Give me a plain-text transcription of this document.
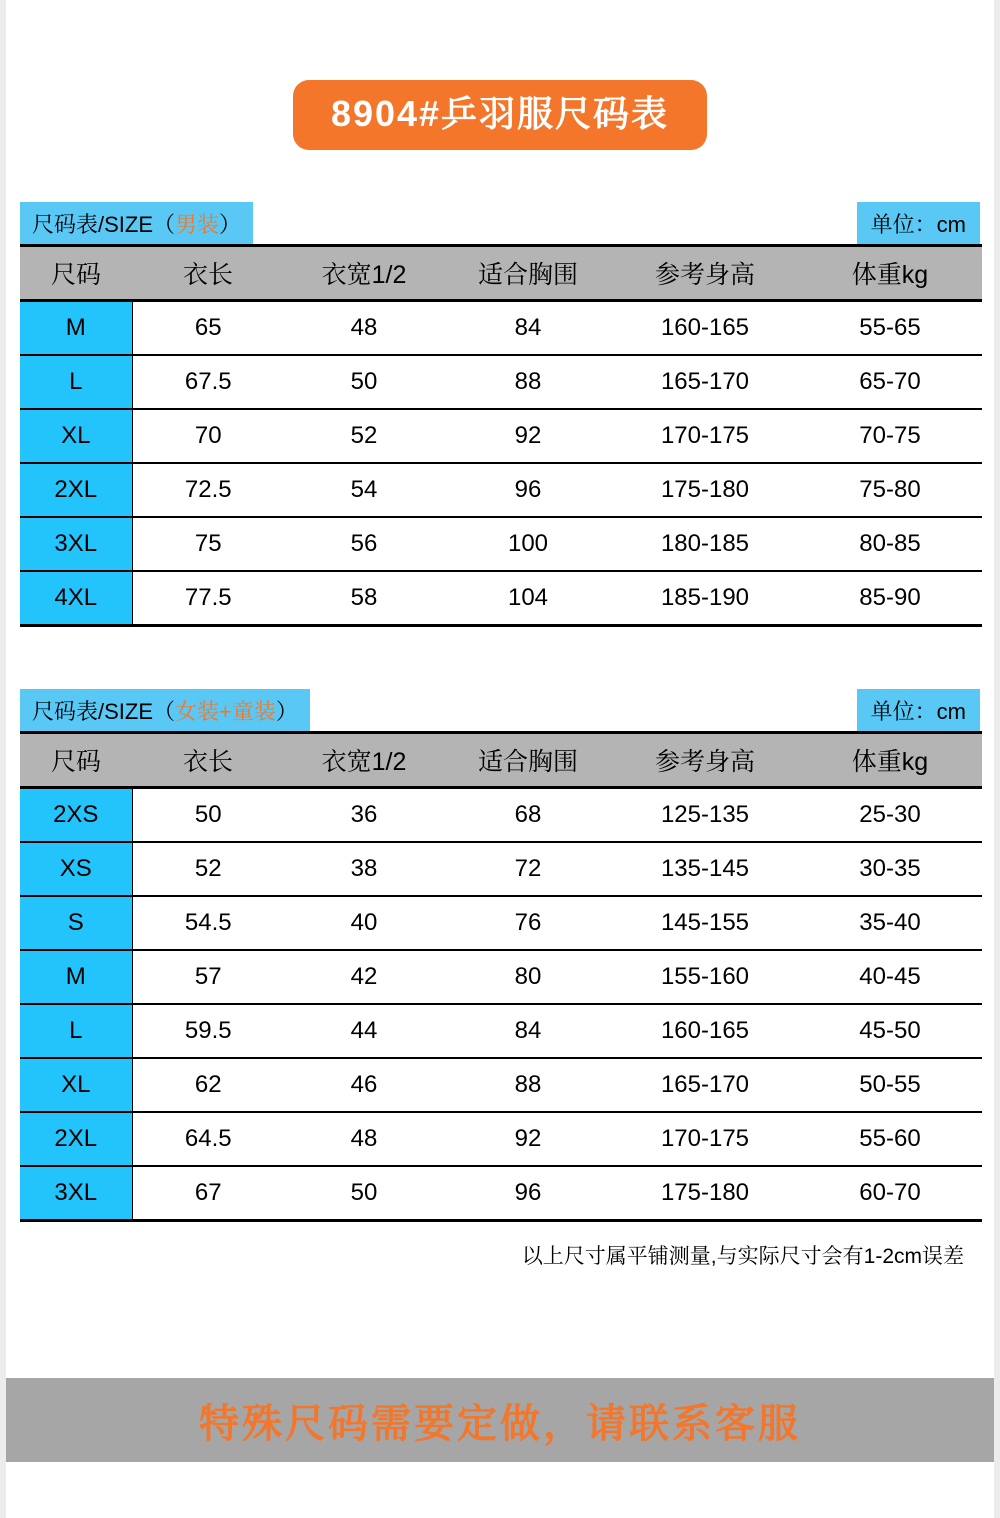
8904#乒羽服尺码表
尺码表/SIZE（ 男装 ）	单位：cm
尺码	衣长	衣宽1/2	适合胸围	参考身高	体重kg
M	65	48	84	160-165	55-65
L	67.5	50	88	165-170	65-70
XL	70	52	92	170-175	70-75
2XL	72.5	54	96	175-180	75-80
3XL	75	56	100	180-185	80-85
4XL	77.5	58	104	185-190	85-90
尺码表/SIZE（ 女装+童装 ）	单位：cm
尺码	衣长	衣宽1/2	适合胸围	参考身高	体重kg
2XS	50	36	68	125-135	25-30
XS	52	38	72	135-145	30-35
S	54.5	40	76	145-155	35-40
M	57	42	80	155-160	40-45
L	59.5	44	84	160-165	45-50
XL	62	46	88	165-170	50-55
2XL	64.5	48	92	170-175	55-60
3XL	67	50	96	175-180	60-70
以上尺寸属平铺测量,与实际尺寸会有1-2cm误差
特殊尺码需要定做，请联系客服
